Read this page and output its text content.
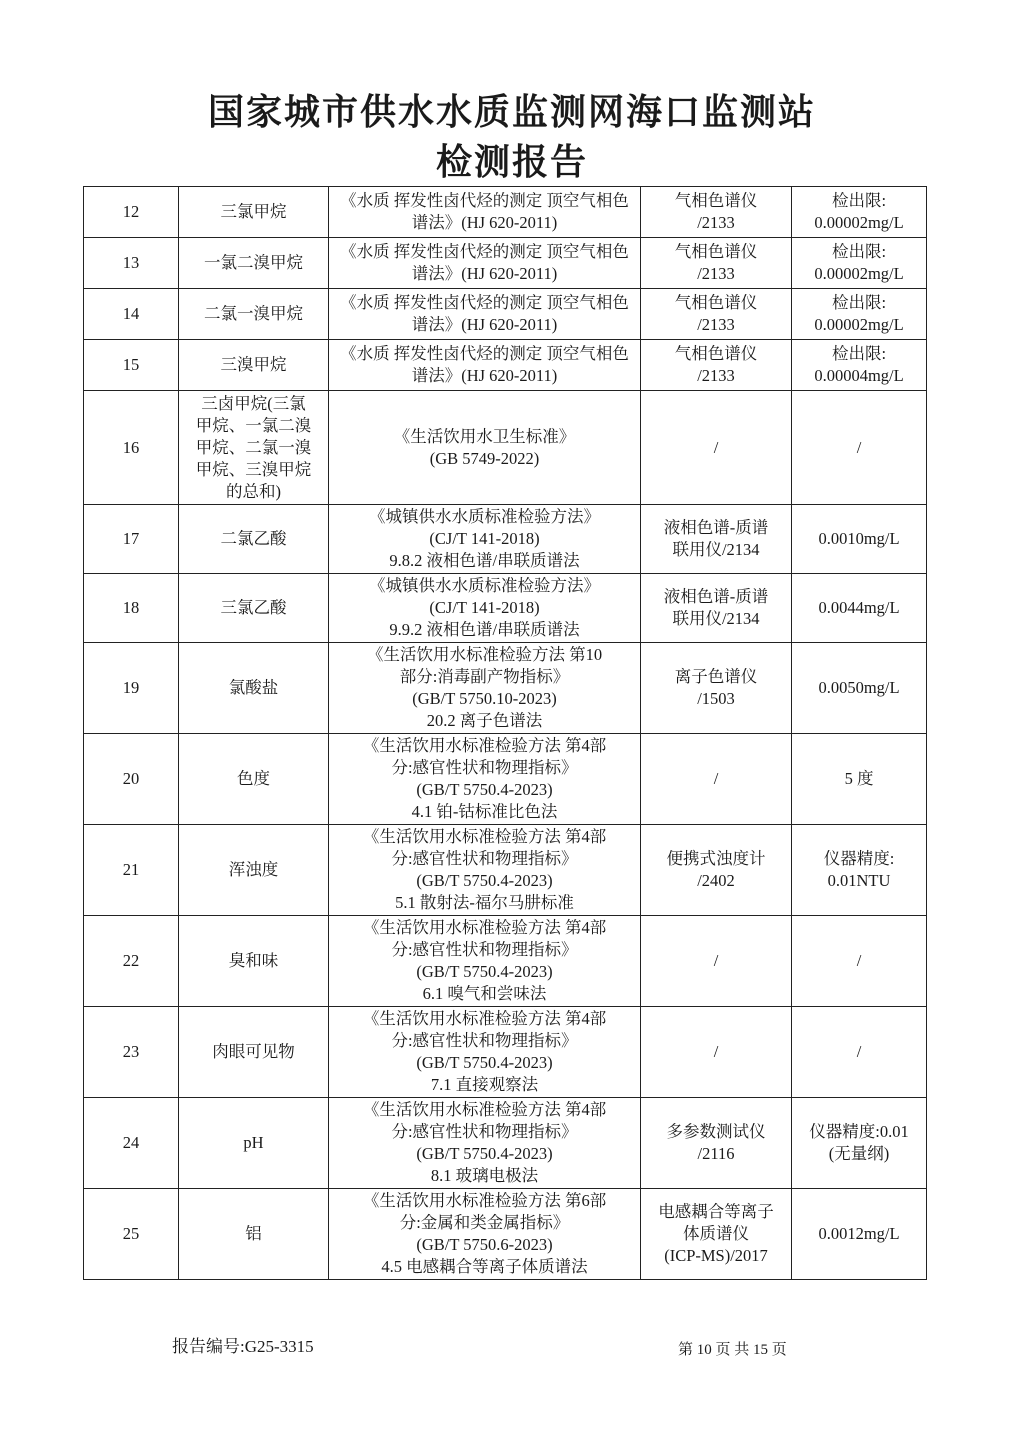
国家城市供水水质监测网海口监测站
检测报告
12	三氯甲烷	《水质 挥发性卤代烃的测定 顶空气相色谱法》(HJ 620-2011)	气相色谱仪
/2133	检出限:
0.00002mg/L
13	一氯二溴甲烷	《水质 挥发性卤代烃的测定 顶空气相色谱法》(HJ 620-2011)	气相色谱仪
/2133	检出限:
0.00002mg/L
14	二氯一溴甲烷	《水质 挥发性卤代烃的测定 顶空气相色谱法》(HJ 620-2011)	气相色谱仪
/2133	检出限:
0.00002mg/L
15	三溴甲烷	《水质 挥发性卤代烃的测定 顶空气相色谱法》(HJ 620-2011)	气相色谱仪
/2133	检出限:
0.00004mg/L
16	三卤甲烷(三氯
甲烷、一氯二溴
甲烷、二氯一溴
甲烷、三溴甲烷
的总和)	《生活饮用水卫生标准》
(GB 5749-2022)	/	/
17	二氯乙酸	《城镇供水水质标准检验方法》
(CJ/T 141-2018)
9.8.2 液相色谱/串联质谱法	液相色谱-质谱
联用仪/2134	0.0010mg/L
18	三氯乙酸	《城镇供水水质标准检验方法》
(CJ/T 141-2018)
9.9.2 液相色谱/串联质谱法	液相色谱-质谱
联用仪/2134	0.0044mg/L
19	氯酸盐	《生活饮用水标准检验方法 第10
部分:消毒副产物指标》
(GB/T 5750.10-2023)
20.2 离子色谱法	离子色谱仪
/1503	0.0050mg/L
20	色度	《生活饮用水标准检验方法 第4部
分:感官性状和物理指标》
(GB/T 5750.4-2023)
4.1 铂-钴标准比色法	/	5 度
21	浑浊度	《生活饮用水标准检验方法 第4部
分:感官性状和物理指标》
(GB/T 5750.4-2023)
5.1 散射法-福尔马肼标准	便携式浊度计
/2402	仪器精度:
0.01NTU
22	臭和味	《生活饮用水标准检验方法 第4部
分:感官性状和物理指标》
(GB/T 5750.4-2023)
6.1 嗅气和尝味法	/	/
23	肉眼可见物	《生活饮用水标准检验方法 第4部
分:感官性状和物理指标》
(GB/T 5750.4-2023)
7.1 直接观察法	/	/
24	pH	《生活饮用水标准检验方法 第4部
分:感官性状和物理指标》
(GB/T 5750.4-2023)
8.1 玻璃电极法	多参数测试仪
/2116	仪器精度:0.01
(无量纲)
25	铝	《生活饮用水标准检验方法 第6部
分:金属和类金属指标》
(GB/T 5750.6-2023)
4.5 电感耦合等离子体质谱法	电感耦合等离子
体质谱仪
(ICP-MS)/2017	0.0012mg/L
报告编号:G25-3315	第 10 页 共 15 页
